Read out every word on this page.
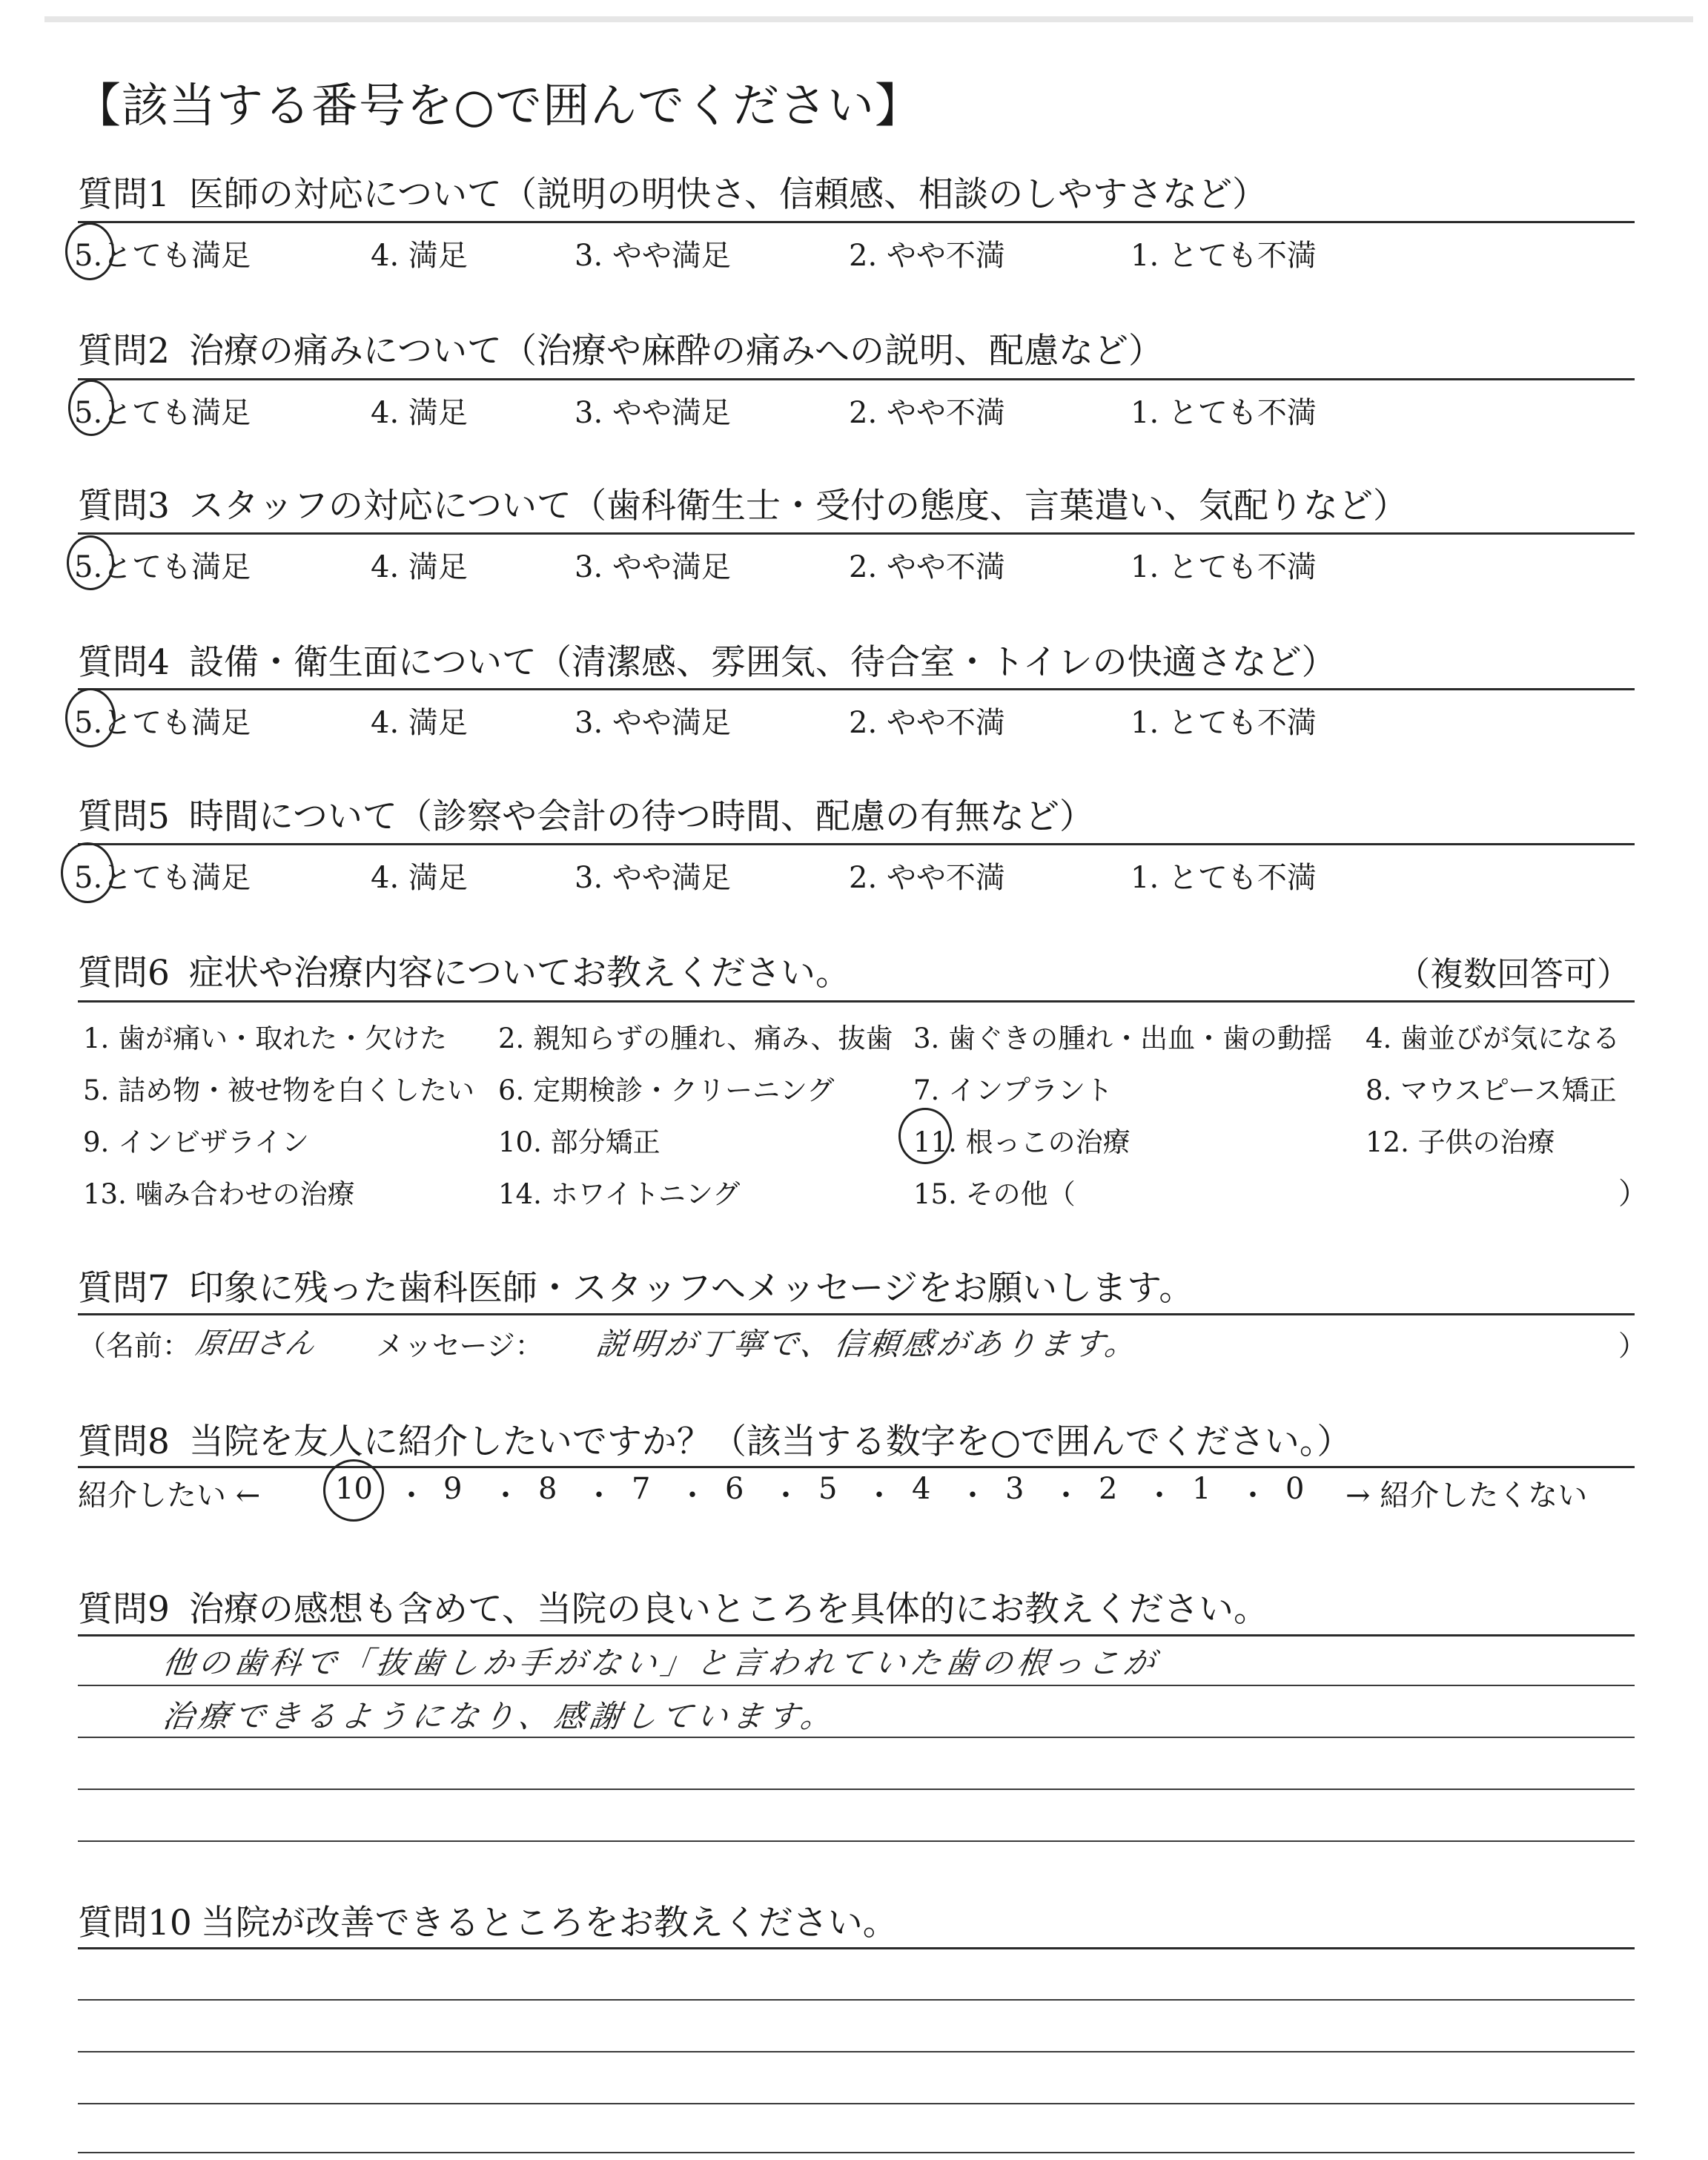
【該当する番号を○で囲んでください】
質問1 医師の対応について（説明の明快さ、信頼感、相談のしやすさなど）
5.とても満足	4. 満足	3. やや満足	2. やや不満	1. とても不満
質問2 治療の痛みについて（治療や麻酔の痛みへの説明、配慮など）
5.とても満足	4. 満足	3. やや満足	2. やや不満	1. とても不満
質問3 スタッフの対応について（歯科衛生士・受付の態度、言葉遣い、気配りなど）
5.とても満足	4. 満足	3. やや満足	2. やや不満	1. とても不満
質問4 設備・衛生面について（清潔感、雰囲気、待合室・トイレの快適さなど）
5.とても満足	4. 満足	3. やや満足	2. やや不満	1. とても不満
質問5 時間について（診察や会計の待つ時間、配慮の有無など）
5.とても満足	4. 満足	3. やや満足	2. やや不満	1. とても不満
質問6 症状や治療内容についてお教えください。	（複数回答可）
1. 歯が痛い・取れた・欠けた 2. 親知らずの腫れ、痛み、抜歯 3. 歯ぐきの腫れ・出血・歯の動揺 4. 歯並びが気になる
5. 詰め物・被せ物を白くしたい 6. 定期検診・クリーニング	7. インプラント	8. マウスピース矯正
9. インビザライン	10. 部分矯正	11. 根っこの治療	12. 子供の治療
13. 噛み合わせの治療	14. ホワイトニング	15. その他（	）
質問7 印象に残った歯科医師・スタッフへメッセージをお願いします。
（名前： 原田さん メッセージ： 説明が丁寧で、信頼感があります。	）
質問8 当院を友人に紹介したいですか？（該当する数字を○で囲んでください。）
紹介したい ←	→ 紹介したくない
10 ・ 9 ・ 8 ・ 7 ・ 6 ・ 5 ・ 4 ・ 3 ・ 2 ・ 1 ・ 0
質問9 治療の感想も含めて、当院の良いところを具体的にお教えください。
他の歯科で「抜歯しか手がない」と言われていた歯の根っこが
治療できるようになり、感謝しています。
質問10 当院が改善できるところをお教えください。
